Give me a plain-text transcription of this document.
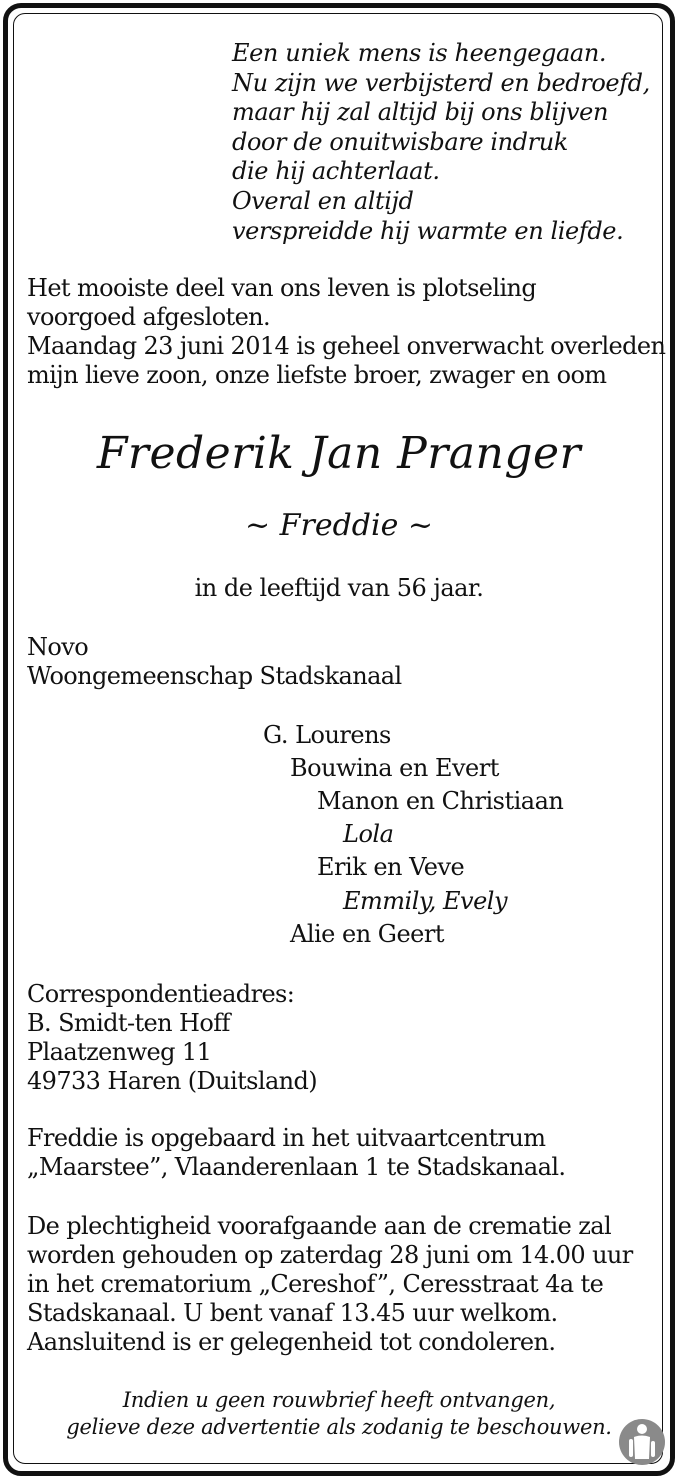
Een uniek mens is heengegaan.
Nu zijn we verbijsterd en bedroefd,
maar hij zal altijd bij ons blijven
door de onuitwisbare indruk
die hij achterlaat.
Overal en altijd
verspreidde hij warmte en liefde.
Het mooiste deel van ons leven is plotseling
voorgoed afgesloten.
Maandag 23 juni 2014 is geheel onverwacht overleden
mijn lieve zoon, onze liefste broer, zwager en oom
Frederik Jan Pranger
~ Freddie ~
in de leeftijd van 56 jaar.
Novo
Woongemeenschap Stadskanaal
G. Lourens
Bouwina en Evert
Manon en Christiaan
Lola
Erik en Veve
Emmily, Evely
Alie en Geert
Correspondentieadres:
B. Smidt-ten Hoff
Plaatzenweg 11
49733 Haren (Duitsland)
Freddie is opgebaard in het uitvaartcentrum
„Maarstee”, Vlaanderenlaan 1 te Stadskanaal.
De plechtigheid voorafgaande aan de crematie zal
worden gehouden op zaterdag 28 juni om 14.00 uur
in het crematorium „Cereshof”, Ceresstraat 4a te
Stadskanaal. U bent vanaf 13.45 uur welkom.
Aansluitend is er gelegenheid tot condoleren.
Indien u geen rouwbrief heeft ontvangen,
gelieve deze advertentie als zodanig te beschouwen.
